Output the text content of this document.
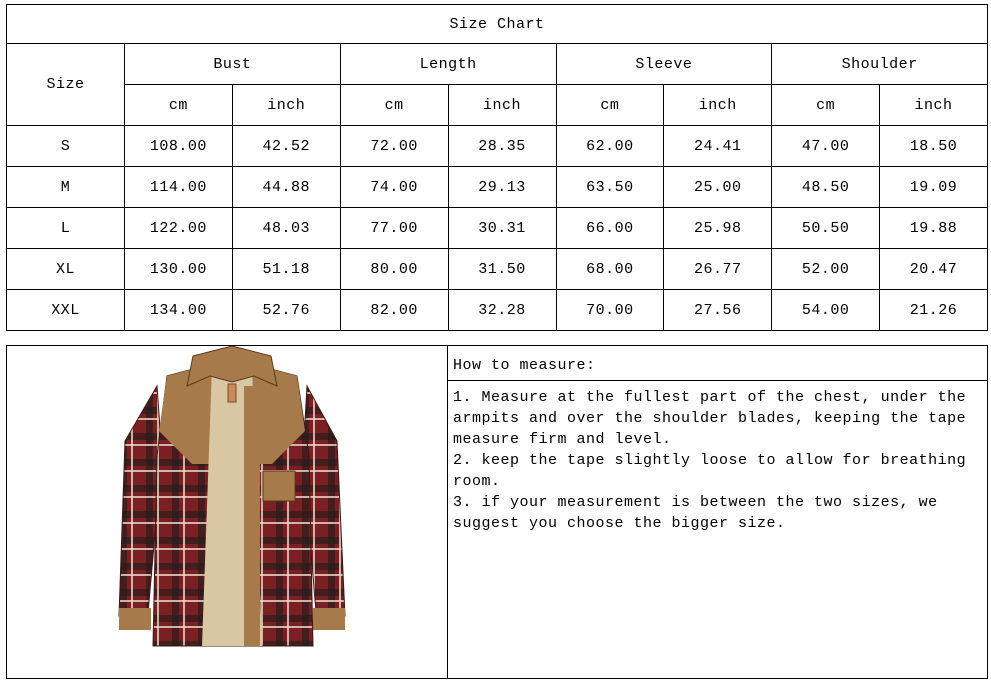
Size Chart								
Size	Bust		Length		Sleeve		Shoulder	
	cm	inch	cm	inch	cm	inch	cm	inch
S	108.00	42.52	72.00	28.35	62.00	24.41	47.00	18.50
M	114.00	44.88	74.00	29.13	63.50	25.00	48.50	19.09
L	122.00	48.03	77.00	30.31	66.00	25.98	50.50	19.88
XL	130.00	51.18	80.00	31.50	68.00	26.77	52.00	20.47
XXL	134.00	52.76	82.00	32.28	70.00	27.56	54.00	21.26
How to measure:

1. Measure at the fullest part of the chest, under the armpits and over the shoulder blades, keeping the tape measure firm and level.

2. keep the tape slightly loose to allow for breathing room.

3. if your measurement is between the two sizes, we suggest you choose the bigger size.
